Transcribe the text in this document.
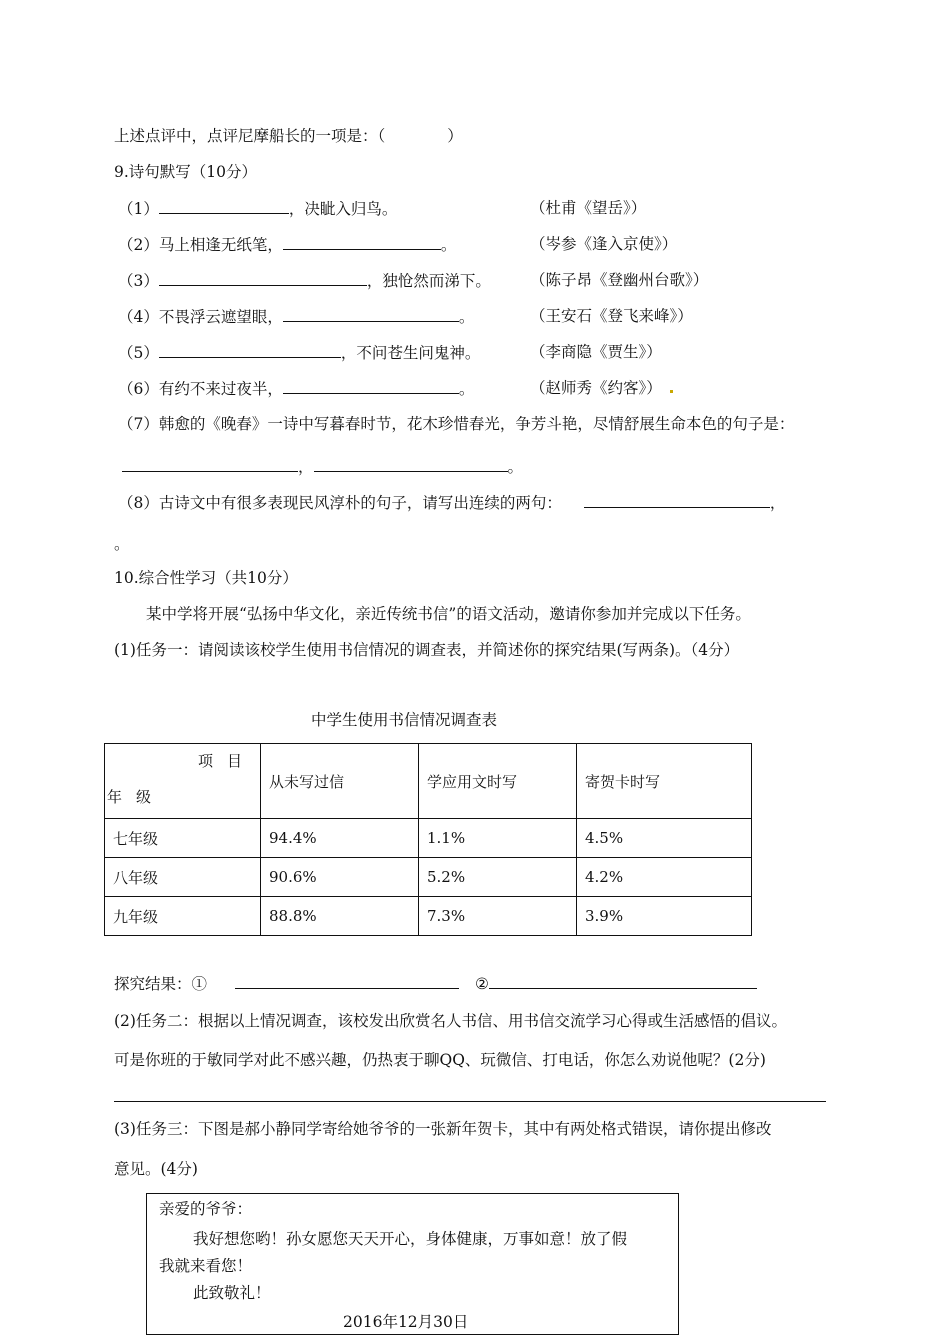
上述点评中，点评尼摩船长的一项是：（　　　　）
9.诗句默写（10分）
（1）	，决眦入归鸟。	（杜甫《望岳》）
（2）马上相逢无纸笔，	。	（岑参《逢入京使》）
（3）	，独怆然而涕下。	（陈子昂《登幽州台歌》）
（4）不畏浮云遮望眼，	。	（王安石《登飞来峰》）
（5）	，不问苍生问鬼神。	（李商隐《贾生》）
（6）有约不来过夜半，	。	（赵师秀《约客》）
（7）韩愈的《晚春》一诗中写暮春时节，花木珍惜春光，争芳斗艳，尽情舒展生命本色的句子是：
，	。
（8）古诗文中有很多表现民风淳朴的句子，请写出连续的两句：	，
。
10.综合性学习（共10分）
某中学将开展“弘扬中华文化，亲近传统书信”的语文活动，邀请你参加并完成以下任务。
(1)任务一：请阅读该校学生使用书信情况的调查表，并简述你的探究结果(写两条)。（4分）
中学生使用书信情况调查表
项目
年级	从未写过信	学应用文时写	寄贺卡时写
七年级	94.4%	1.1%	4.5%
八年级	90.6%	5.2%	4.2%
九年级	88.8%	7.3%	3.9%
探究结果：①	②
(2)任务二：根据以上情况调查，该校发出欣赏名人书信、用书信交流学习心得或生活感悟的倡议。
可是你班的于敏同学对此不感兴趣，仍热衷于聊QQ、玩微信、打电话，你怎么劝说他呢？(2分)
(3)任务三：下图是郝小静同学寄给她爷爷的一张新年贺卡，其中有两处格式错误，请你提出修改
意见。(4分)
亲爱的爷爷：
我好想您哟！孙女愿您天天开心，身体健康，万事如意！放了假
我就来看您！
此致敬礼！
2016年12月30日
